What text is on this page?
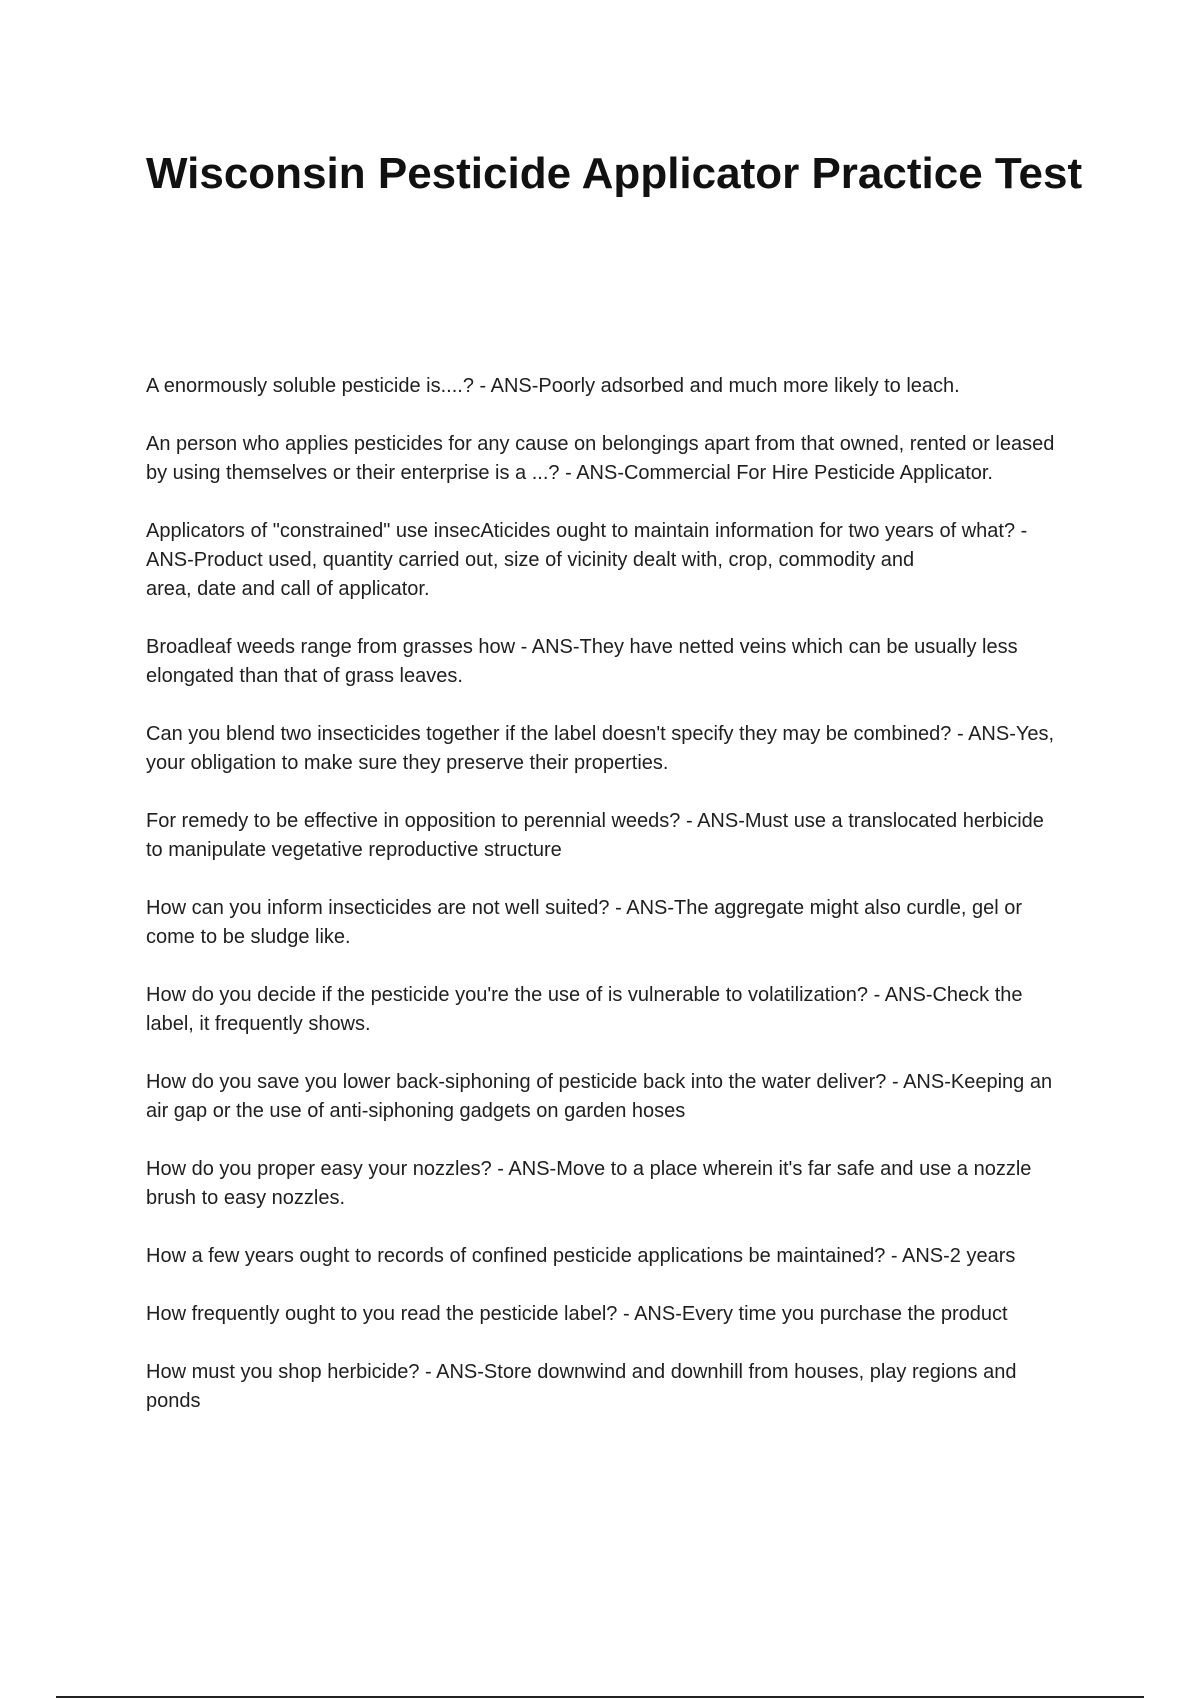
Wisconsin Pesticide Applicator Practice Test
A enormously soluble pesticide is....? - ANS-Poorly adsorbed and much more likely to leach.
An person who applies pesticides for any cause on belongings apart from that owned, rented or leased by using themselves or their enterprise is a ...? - ANS-Commercial For Hire Pesticide Applicator.
Applicators of "constrained" use insecAticides ought to maintain information for two years of what? - ANS-Product used, quantity carried out, size of vicinity dealt with, crop, commodity and
area, date and call of applicator.
Broadleaf weeds range from grasses how - ANS-They have netted veins which can be usually less elongated than that of grass leaves.
Can you blend two insecticides together if the label doesn't specify they may be combined? - ANS-Yes, your obligation to make sure they preserve their properties.
For remedy to be effective in opposition to perennial weeds? - ANS-Must use a translocated herbicide to manipulate vegetative reproductive structure
How can you inform insecticides are not well suited? - ANS-The aggregate might also curdle, gel or come to be sludge like.
How do you decide if the pesticide you're the use of is vulnerable to volatilization? - ANS-Check the label, it frequently shows.
How do you save you lower back-siphoning of pesticide back into the water deliver? - ANS-Keeping an air gap or the use of anti-siphoning gadgets on garden hoses
How do you proper easy your nozzles? - ANS-Move to a place wherein it's far safe and use a nozzle brush to easy nozzles.
How a few years ought to records of confined pesticide applications be maintained? - ANS-2 years
How frequently ought to you read the pesticide label? - ANS-Every time you purchase the product
How must you shop herbicide? - ANS-Store downwind and downhill from houses, play regions and ponds
